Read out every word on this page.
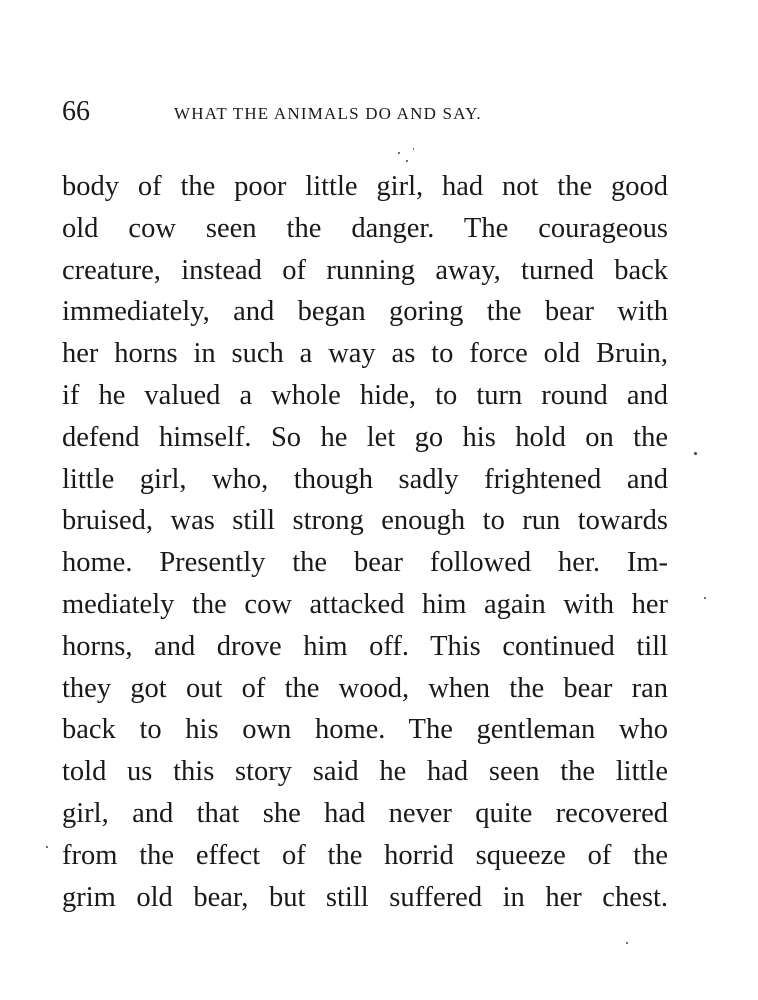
66	WHAT THE ANIMALS DO AND SAY.
body of the poor little girl, had not the good
old cow seen the danger. The courageous
creature, instead of running away, turned back
immediately, and began goring the bear with
her horns in such a way as to force old Bruin,
if he valued a whole hide, to turn round and
defend himself. So he let go his hold on the
little girl, who, though sadly frightened and
bruised, was still strong enough to run towards
home. Presently the bear followed her. Im-
mediately the cow attacked him again with her
horns, and drove him off. This continued till
they got out of the wood, when the bear ran
back to his own home. The gentleman who
told us this story said he had seen the little
girl, and that she had never quite recovered
from the effect of the horrid squeeze of the
grim old bear, but still suffered in her chest.
